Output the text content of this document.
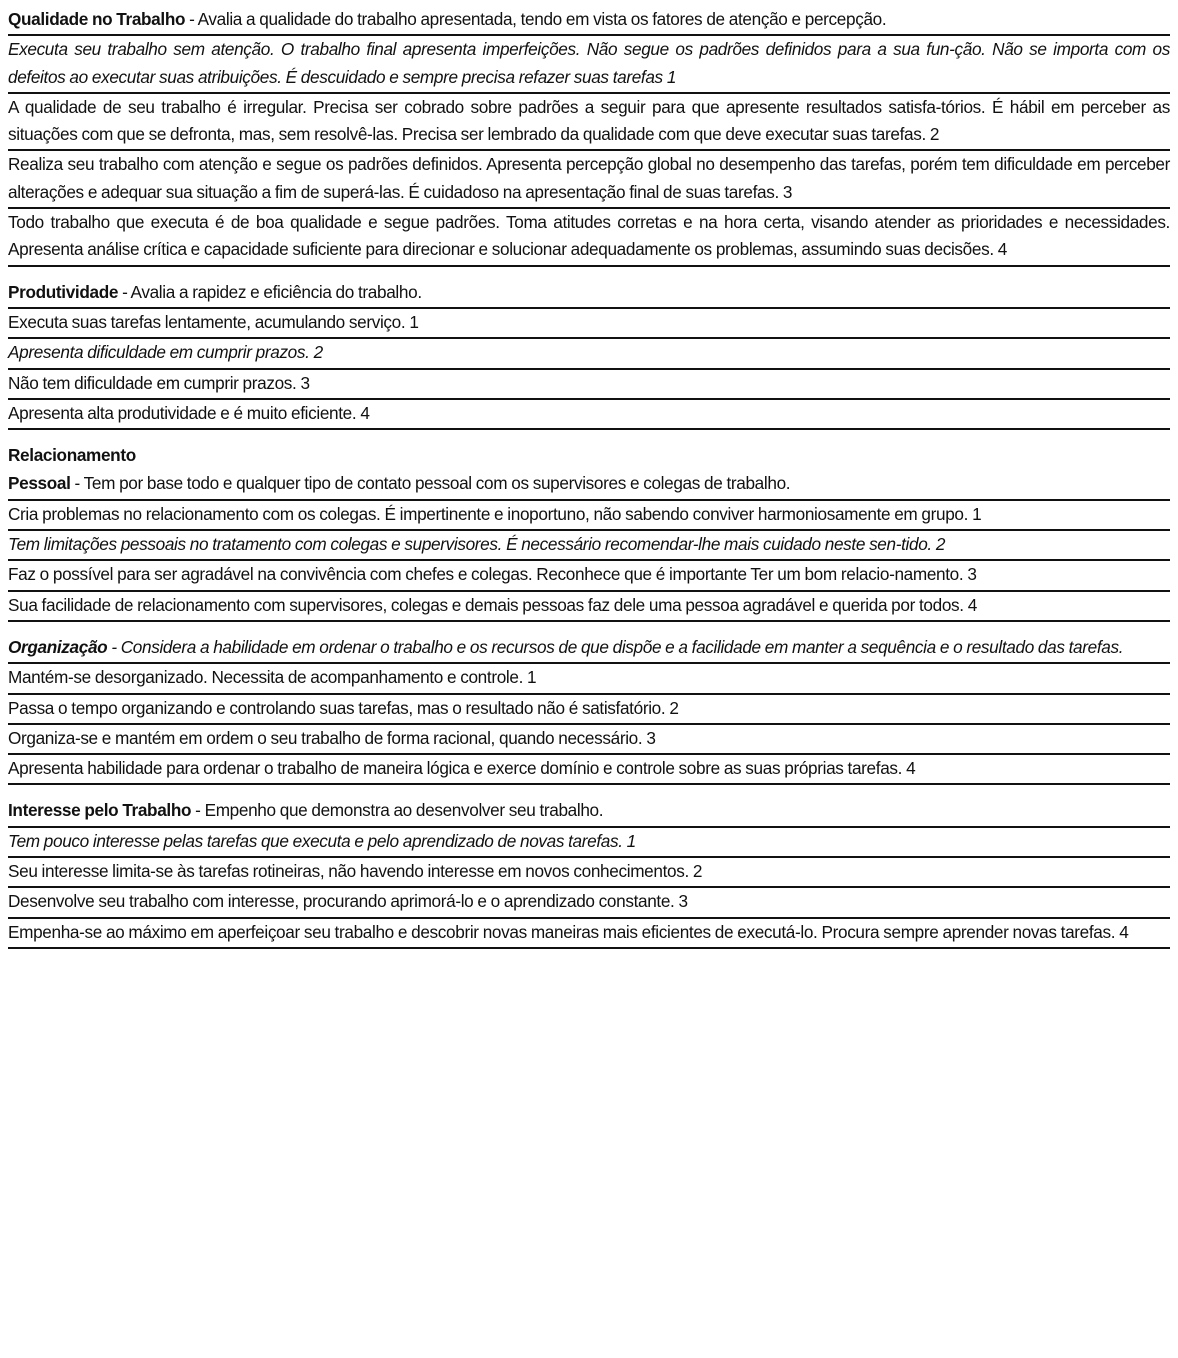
Qualidade no Trabalho - Avalia a qualidade do trabalho apresentada, tendo em vista os fatores de atenção e percepção.
Executa seu trabalho sem atenção. O trabalho final apresenta imperfeições. Não segue os padrões definidos para a sua fun-ção. Não se importa com os defeitos ao executar suas atribuições. É descuidado e sempre precisa refazer suas tarefas 1
A qualidade de seu trabalho é irregular. Precisa ser cobrado sobre padrões a seguir para que apresente resultados satisfa-tórios. É hábil em perceber as situações com que se defronta, mas, sem resolvê-las. Precisa ser lembrado da qualidade com que deve executar suas tarefas. 2
Realiza seu trabalho com atenção e segue os padrões definidos. Apresenta percepção global no desempenho das tarefas, porém tem dificuldade em perceber alterações e adequar sua situação a fim de superá-las. É cuidadoso na apresentação final de suas tarefas. 3
Todo trabalho que executa é de boa qualidade e segue padrões. Toma atitudes corretas e na hora certa, visando atender as prioridades e necessidades. Apresenta análise crítica e capacidade suficiente para direcionar e solucionar adequadamente os problemas, assumindo suas decisões. 4
Produtividade - Avalia a rapidez e eficiência do trabalho.
Executa suas tarefas lentamente, acumulando serviço. 1
Apresenta dificuldade em cumprir prazos. 2
Não tem dificuldade em cumprir prazos. 3
Apresenta alta produtividade e é muito eficiente. 4
Relacionamento
Pessoal - Tem por base todo e qualquer tipo de contato pessoal com os supervisores e colegas de trabalho.
Cria problemas no relacionamento com os colegas. É impertinente e inoportuno, não sabendo conviver harmoniosamente em grupo. 1
Tem limitações pessoais no tratamento com colegas e supervisores. É necessário recomendar-lhe mais cuidado neste sen-tido. 2
Faz o possível para ser agradável na convivência com chefes e colegas. Reconhece que é importante Ter um bom relacio-namento. 3
Sua facilidade de relacionamento com supervisores, colegas e demais pessoas faz dele uma pessoa agradável e querida por todos. 4
Organização - Considera a habilidade em ordenar o trabalho e os recursos de que dispõe e a facilidade em manter a sequência e o resultado das tarefas.
Mantém-se desorganizado. Necessita de acompanhamento e controle. 1
Passa o tempo organizando e controlando suas tarefas, mas o resultado não é satisfatório. 2
Organiza-se e mantém em ordem o seu trabalho de forma racional, quando necessário. 3
Apresenta habilidade para ordenar o trabalho de maneira lógica e exerce domínio e controle sobre as suas próprias tarefas. 4
Interesse pelo Trabalho - Empenho que demonstra ao desenvolver seu trabalho.
Tem pouco interesse pelas tarefas que executa e pelo aprendizado de novas tarefas. 1
Seu interesse limita-se às tarefas rotineiras, não havendo interesse em novos conhecimentos. 2
Desenvolve seu trabalho com interesse, procurando aprimorá-lo e o aprendizado constante. 3
Empenha-se ao máximo em aperfeiçoar seu trabalho e descobrir novas maneiras mais eficientes de executá-lo. Procura sempre aprender novas tarefas. 4
